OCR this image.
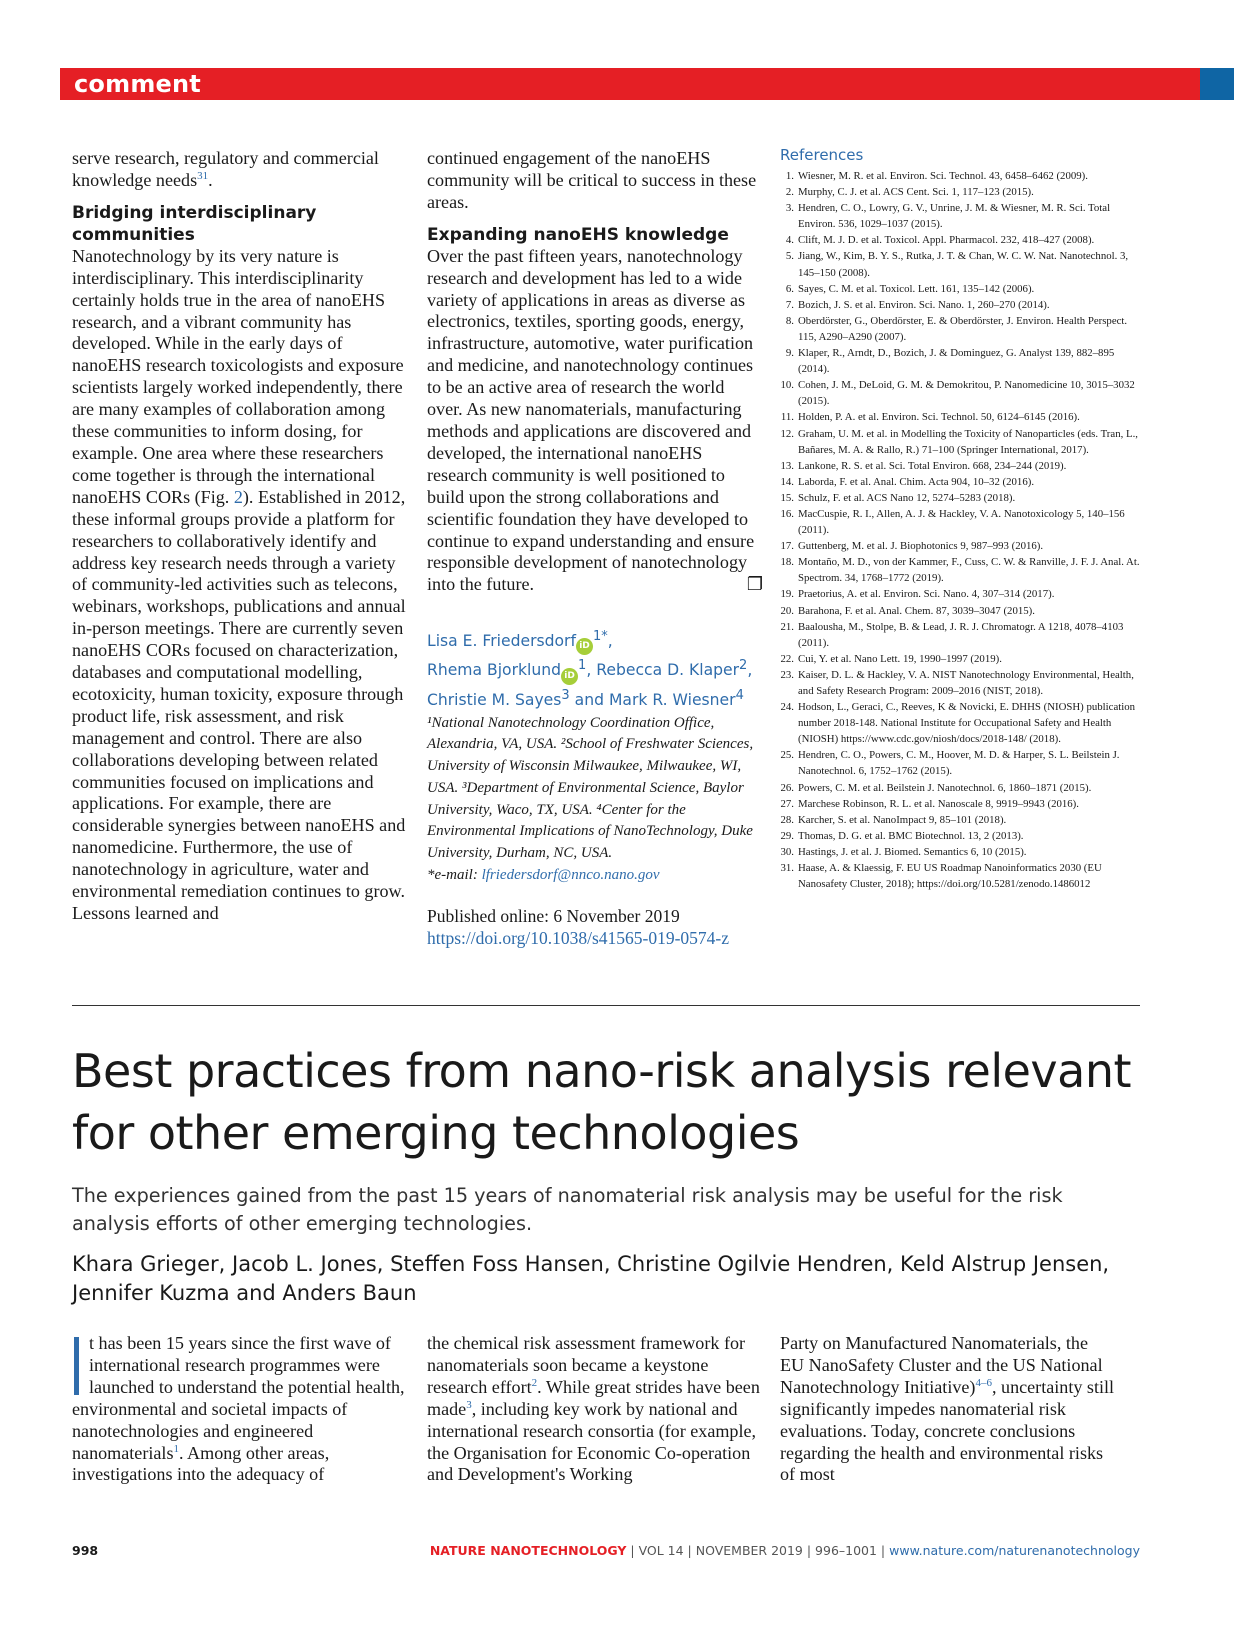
comment

serve research, regulatory and commercial knowledge needs$^{31}$.

Bridging interdisciplinary communities

Nanotechnology by its very nature is interdisciplinary. This interdisciplinarity certainly holds true in the area of nanoEHS research, and a vibrant community has developed. While in the early days of nanoEHS research toxicologists and exposure scientists largely worked independently, there are many examples of collaboration among these communities to inform dosing, for example. One area where these researchers come together is through the international nanoEHS CORs (Fig. 2). Established in 2012, these informal groups provide a platform for researchers to collaboratively identify and address key research needs through a variety of community-led activities such as telecons, webinars, workshops, publications and annual in-person meetings. There are currently seven nanoEHS CORs focused on characterization, databases and computational modelling, ecotoxicity, human toxicity, exposure through product life, risk assessment, and risk management and control. There are also collaborations developing between related communities focused on implications and applications. For example, there are considerable synergies between nanoEHS and nanomedicine. Furthermore, the use of nanotechnology in agriculture, water and environmental remediation continues to grow. Lessons learned and

continued engagement of the nanoEHS community will be critical to success in these areas.

Expanding nanoEHS knowledge

Over the past fifteen years, nanotechnology research and development has led to a wide variety of applications in areas as diverse as electronics, textiles, sporting goods, energy, infrastructure, automotive, water purification and medicine, and nanotechnology continues to be an active area of research the world over. As new nanomaterials, manufacturing methods and applications are discovered and developed, the international nanoEHS research community is well positioned to build upon the strong collaborations and scientific foundation they have developed to continue to expand understanding and ensure responsible development of nanotechnology into the future.	❐

Lisa E. Friedersdorf $iD^{1*}$,
Rhema Bjorklund $iD^1$, Rebecca D. Klaper$^2$,
Christie M. Sayes$^3$ and Mark R. Wiesner$^4$
¹National Nanotechnology Coordination Office, Alexandria, VA, USA. ²School of Freshwater Sciences, University of Wisconsin Milwaukee, Milwaukee, WI, USA. ³Department of Environmental Science, Baylor University, Waco, TX, USA. ⁴Center for the Environmental Implications of NanoTechnology, Duke University, Durham, NC, USA.
*e-mail: lfriedersdorf@nnco.nano.gov
Published online: 6 November 2019
https://doi.org/10.1038/s41565-019-0574-z
References
1. Wiesner, M. R. et al. Environ. Sci. Technol. 43, 6458–6462 (2009).
2. Murphy, C. J. et al. ACS Cent. Sci. 1, 117–123 (2015).
3. Hendren, C. O., Lowry, G. V., Unrine, J. M. & Wiesner, M. R. Sci. Total Environ. 536, 1029–1037 (2015).
4. Clift, M. J. D. et al. Toxicol. Appl. Pharmacol. 232, 418–427 (2008).
5. Jiang, W., Kim, B. Y. S., Rutka, J. T. & Chan, W. C. W. Nat. Nanotechnol. 3, 145–150 (2008).
6. Sayes, C. M. et al. Toxicol. Lett. 161, 135–142 (2006).
7. Bozich, J. S. et al. Environ. Sci. Nano. 1, 260–270 (2014).
8. Oberdörster, G., Oberdörster, E. & Oberdörster, J. Environ. Health Perspect. 115, A290–A290 (2007).
9. Klaper, R., Arndt, D., Bozich, J. & Dominguez, G. Analyst 139, 882–895 (2014).
10. Cohen, J. M., DeLoid, G. M. & Demokritou, P. Nanomedicine 10, 3015–3032 (2015).
11. Holden, P. A. et al. Environ. Sci. Technol. 50, 6124–6145 (2016).
12. Graham, U. M. et al. in Modelling the Toxicity of Nanoparticles (eds. Tran, L., Bañares, M. A. & Rallo, R.) 71–100 (Springer International, 2017).
13. Lankone, R. S. et al. Sci. Total Environ. 668, 234–244 (2019).
14. Laborda, F. et al. Anal. Chim. Acta 904, 10–32 (2016).
15. Schulz, F. et al. ACS Nano 12, 5274–5283 (2018).
16. MacCuspie, R. I., Allen, A. J. & Hackley, V. A. Nanotoxicology 5, 140–156 (2011).
17. Guttenberg, M. et al. J. Biophotonics 9, 987–993 (2016).
18. Montaño, M. D., von der Kammer, F., Cuss, C. W. & Ranville, J. F. J. Anal. At. Spectrom. 34, 1768–1772 (2019).
19. Praetorius, A. et al. Environ. Sci. Nano. 4, 307–314 (2017).
20. Barahona, F. et al. Anal. Chem. 87, 3039–3047 (2015).
21. Baalousha, M., Stolpe, B. & Lead, J. R. J. Chromatogr. A 1218, 4078–4103 (2011).
22. Cui, Y. et al. Nano Lett. 19, 1990–1997 (2019).
23. Kaiser, D. L. & Hackley, V. A. NIST Nanotechnology Environmental, Health, and Safety Research Program: 2009–2016 (NIST, 2018).
24. Hodson, L., Geraci, C., Reeves, K & Novicki, E. DHHS (NIOSH) publication number 2018-148. National Institute for Occupational Safety and Health (NIOSH) https://www.cdc.gov/niosh/docs/2018-148/ (2018).
25. Hendren, C. O., Powers, C. M., Hoover, M. D. & Harper, S. L. Beilstein J. Nanotechnol. 6, 1752–1762 (2015).
26. Powers, C. M. et al. Beilstein J. Nanotechnol. 6, 1860–1871 (2015).
27. Marchese Robinson, R. L. et al. Nanoscale 8, 9919–9943 (2016).
28. Karcher, S. et al. NanoImpact 9, 85–101 (2018).
29. Thomas, D. G. et al. BMC Biotechnol. 13, 2 (2013).
30. Hastings, J. et al. J. Biomed. Semantics 6, 10 (2015).
31. Haase, A. & Klaessig, F. EU US Roadmap Nanoinformatics 2030 (EU Nanosafety Cluster, 2018); https://doi.org/10.5281/zenodo.1486012
Best practices from nano-risk analysis relevant
for other emerging technologies
The experiences gained from the past 15 years of nanomaterial risk analysis may be useful for the risk analysis efforts of other emerging technologies.
Khara Grieger, Jacob L. Jones, Steffen Foss Hansen, Christine Ogilvie Hendren, Keld Alstrup Jensen,
Jennifer Kuzma and Anders Baun

t has been 15 years since the first wave of international research programmes were launched to understand the potential health, environmental and societal impacts of nanotechnologies and engineered nanomaterials$^1$. Among other areas, investigations into the adequacy of

the chemical risk assessment framework for nanomaterials soon became a keystone research effort$^2$. While great strides have been made$^3$, including key work by national and international research consortia (for example, the Organisation for Economic Co-operation and Development's Working

Party on Manufactured Nanomaterials, the EU NanoSafety Cluster and the US National Nanotechnology Initiative)$^{4-6}$, uncertainty still significantly impedes nanomaterial risk evaluations. Today, concrete conclusions regarding the health and environmental risks of most

998	NATURE NANOTECHNOLOGY | VOL 14 | NOVEMBER 2019 | 996–1001 | www.nature.com/naturenanotechnology
